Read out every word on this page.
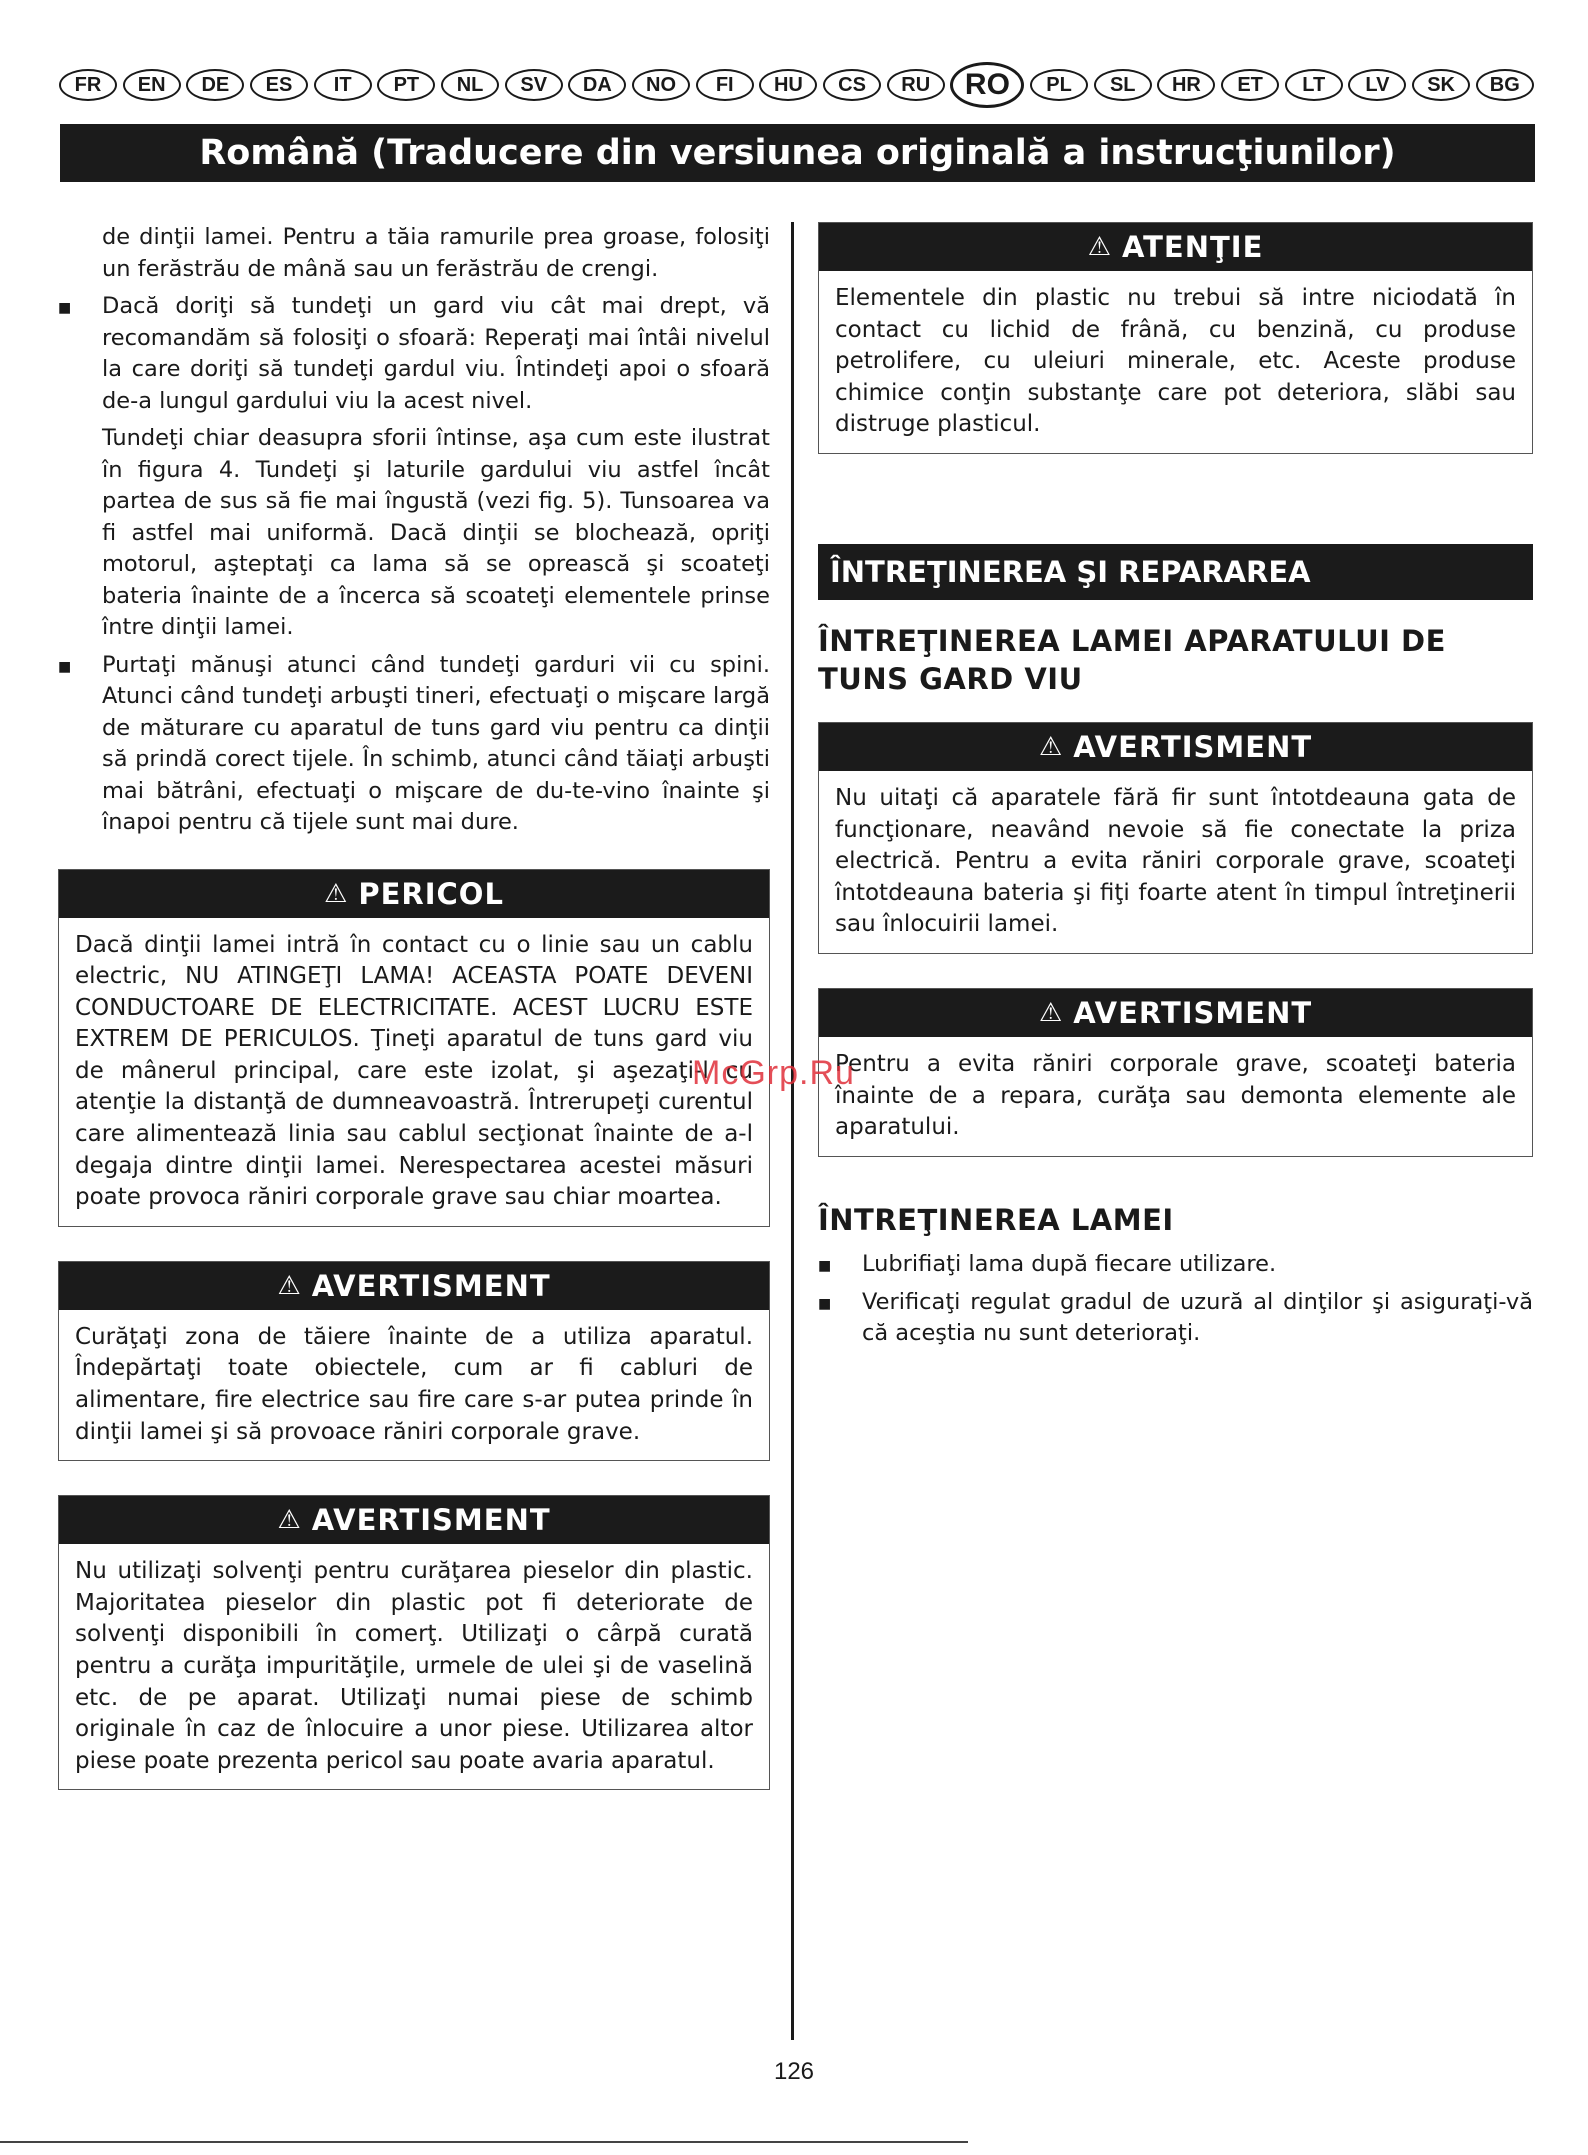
FR	EN	DE	ES	IT	PT	NL	SV	DA	NO	FI	HU	CS	RU	RO	PL	SL	HR	ET	LT	LV	SK	BG
Română (Traducere din versiunea originală a instrucţiunilor)

de dinţii lamei. Pentru a tăia ramurile prea groase, folosiţi un ferăstrău de mână sau un ferăstrău de crengi.

■	Dacă doriţi să tundeţi un gard viu cât mai drept, vă recomandăm să folosiţi o sfoară: Reperaţi mai întâi nivelul la care doriţi să tundeţi gardul viu. Întindeţi apoi o sfoară de-a lungul gardului viu la acest nivel.

Tundeţi chiar deasupra sforii întinse, aşa cum este ilustrat în figura 4. Tundeţi şi laturile gardului viu astfel încât partea de sus să fie mai îngustă (vezi fig. 5). Tunsoarea va fi astfel mai uniformă. Dacă dinţii se blochează, opriţi motorul, aşteptaţi ca lama să se oprească şi scoateţi bateria înainte de a încerca să scoateţi elementele prinse între dinţii lamei.

■	Purtaţi mănuşi atunci când tundeţi garduri vii cu spini. Atunci când tundeţi arbuşti tineri, efectuaţi o mişcare largă de măturare cu aparatul de tuns gard viu pentru ca dinţii să prindă corect tijele. În schimb, atunci când tăiaţi arbuşti mai bătrâni, efectuaţi o mişcare de du-te-vino înainte şi înapoi pentru că tijele sunt mai dure.

⚠ PERICOL

Dacă dinţii lamei intră în contact cu o linie sau un cablu electric, NU ATINGEŢI LAMA! ACEASTA POATE DEVENI CONDUCTOARE DE ELECTRICITATE. ACEST LUCRU ESTE EXTREM DE PERICULOS. Ţineţi aparatul de tuns gard viu de mânerul principal, care este izolat, şi aşezaţi-l cu atenţie la distanţă de dumneavoastră. Întrerupeţi curentul care alimentează linia sau cablul secţionat înainte de a-l degaja dintre dinţii lamei. Nerespectarea acestei măsuri poate provoca răniri corporale grave sau chiar moartea.

⚠ AVERTISMENT

Curăţaţi zona de tăiere înainte de a utiliza aparatul. Îndepărtaţi toate obiectele, cum ar fi cabluri de alimentare, fire electrice sau fire care s-ar putea prinde în dinţii lamei şi să provoace răniri corporale grave.

⚠ AVERTISMENT

Nu utilizaţi solvenţi pentru curăţarea pieselor din plastic. Majoritatea pieselor din plastic pot fi deteriorate de solvenţi disponibili în comerţ. Utilizaţi o cârpă curată pentru a curăţa impurităţile, urmele de ulei şi de vaselină etc. de pe aparat. Utilizaţi numai piese de schimb originale în caz de înlocuire a unor piese. Utilizarea altor piese poate prezenta pericol sau poate avaria aparatul.

⚠ ATENŢIE

Elementele din plastic nu trebui să intre niciodată în contact cu lichid de frână, cu benzină, cu produse petrolifere, cu uleiuri minerale, etc. Aceste produse chimice conţin substanţe care pot deteriora, slăbi sau distruge plasticul.

ÎNTREŢINEREA ŞI REPARAREA
ÎNTREŢINEREA LAMEI APARATULUI DE TUNS GARD VIU
⚠ AVERTISMENT

Nu uitaţi că aparatele fără fir sunt întotdeauna gata de funcţionare, neavând nevoie să fie conectate la priza electrică. Pentru a evita răniri corporale grave, scoateţi întotdeauna bateria şi fiţi foarte atent în timpul întreţinerii sau înlocuirii lamei.

⚠ AVERTISMENT

Pentru a evita răniri corporale grave, scoateţi bateria înainte de a repara, curăţa sau demonta elemente ale aparatului.

ÎNTREŢINEREA LAMEI
■	Lubrifiaţi lama după fiecare utilizare.

■	Verificaţi regulat gradul de uzură al dinţilor şi asiguraţi-vă că aceştia nu sunt deterioraţi.

McGrp.Ru
126
